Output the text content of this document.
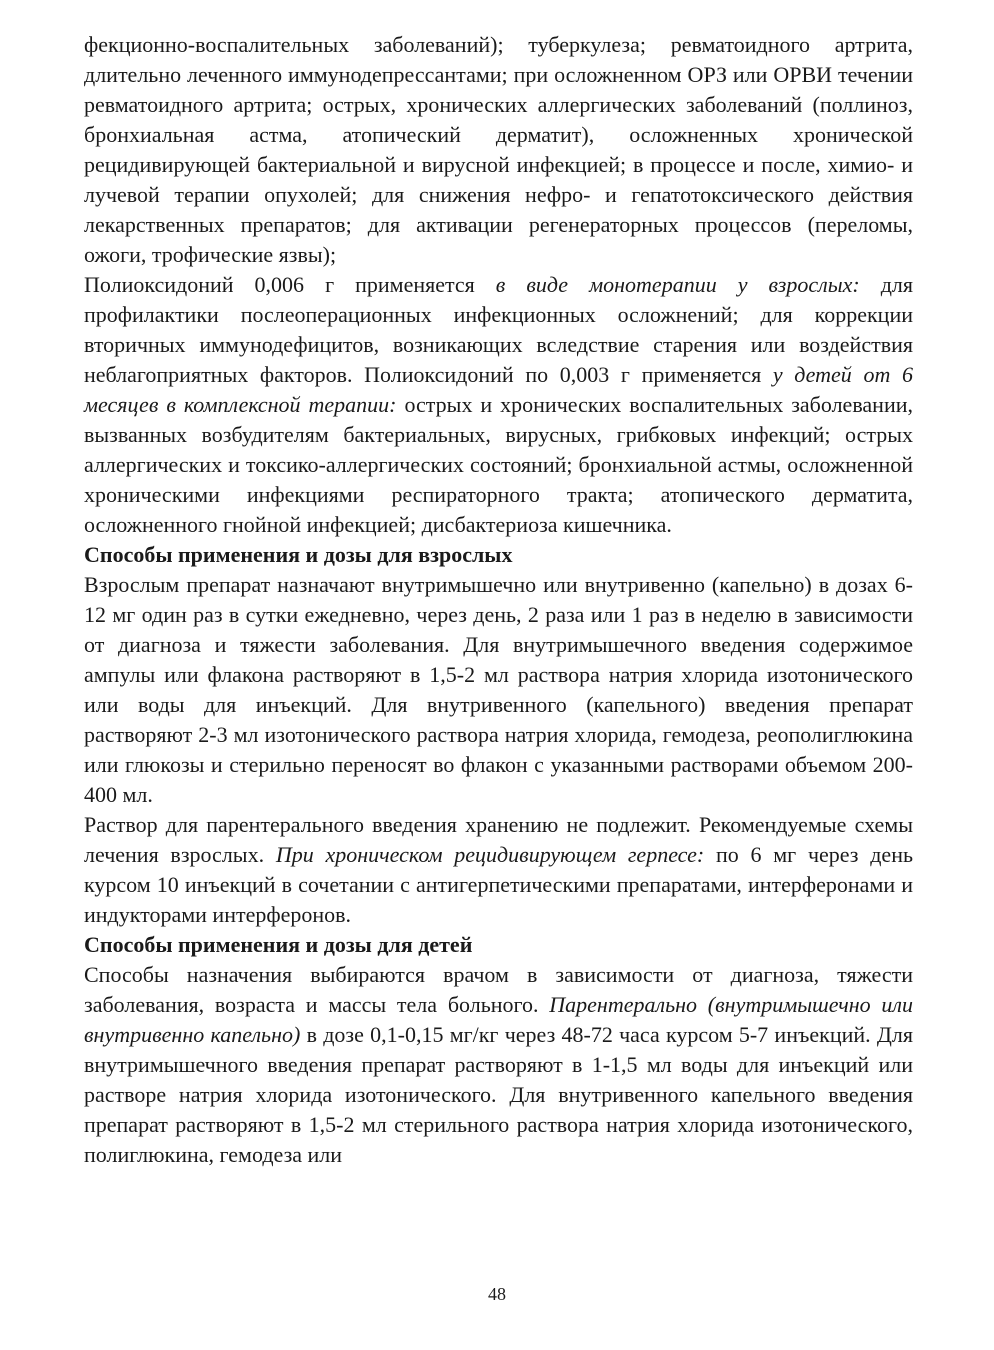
фекционно-воспалительных заболеваний); туберкулеза; ревматоидного артрита, длительно леченного иммунодепрессантами; при осложненном ОРЗ или ОРВИ течении ревматоидного артрита; острых, хронических аллергических заболеваний (поллиноз, бронхиальная астма, атопический дерматит), осложненных хронической рецидивирующей бактериальной и вирусной инфекцией; в процессе и после, химио- и лучевой терапии опухолей; для снижения нефро- и гепатотоксического действия лекарственных препаратов; для активации регенераторных процессов (переломы, ожоги, трофические язвы);

Полиоксидоний 0,006 г применяется в виде монотерапии у взрослых: для профилактики послеоперационных инфекционных осложнений; для коррекции вторичных иммунодефицитов, возникающих вследствие старения или воздействия неблагоприятных факторов. Полиоксидоний по 0,003 г применяется у детей от 6 месяцев в комплексной терапии: острых и хронических воспалительных заболевании, вызванных возбудителям бактериальных, вирусных, грибковых инфекций; острых аллергических и токсико-аллергических состояний; бронхиальной астмы, осложненной хроническими инфекциями респираторного тракта; атопического дерматита, осложненного гнойной инфекцией; дисбактериоза кишечника.

Способы применения и дозы для взрослых

Взрослым препарат назначают внутримышечно или внутривенно (капельно) в дозах 6-12 мг один раз в сутки ежедневно, через день, 2 раза или 1 раз в неделю в зависимости от диагноза и тяжести заболевания. Для внутримышечного введения содержимое ампулы или флакона растворяют в 1,5-2 мл раствора натрия хлорида изотонического или воды для инъекций. Для внутривенного (капельного) введения препарат растворяют 2-3 мл изотонического раствора натрия хлорида, гемодеза, реополиглюкина или глюкозы и стерильно переносят во флакон с указанными растворами объемом 200-400 мл.

Раствор для парентерального введения хранению не подлежит. Рекомендуемые схемы лечения взрослых. При хроническом рецидивирующем герпесе: по 6 мг через день курсом 10 инъекций в сочетании с антигерпетическими препаратами, интерферонами и индукторами интерферонов.

Способы применения и дозы для детей

Способы назначения выбираются врачом в зависимости от диагноза, тяжести заболевания, возраста и массы тела больного. Парентерально (внутримышечно или внутривенно капельно) в дозе 0,1-0,15 мг/кг через 48-72 часа курсом 5-7 инъекций. Для внутримышечного введения препарат растворяют в 1-1,5 мл воды для инъекций или растворе натрия хлорида изотонического. Для внутривенного капельного введения препарат растворяют в 1,5-2 мл стерильного раствора натрия хлорида изотонического, полиглюкина, гемодеза или

48
